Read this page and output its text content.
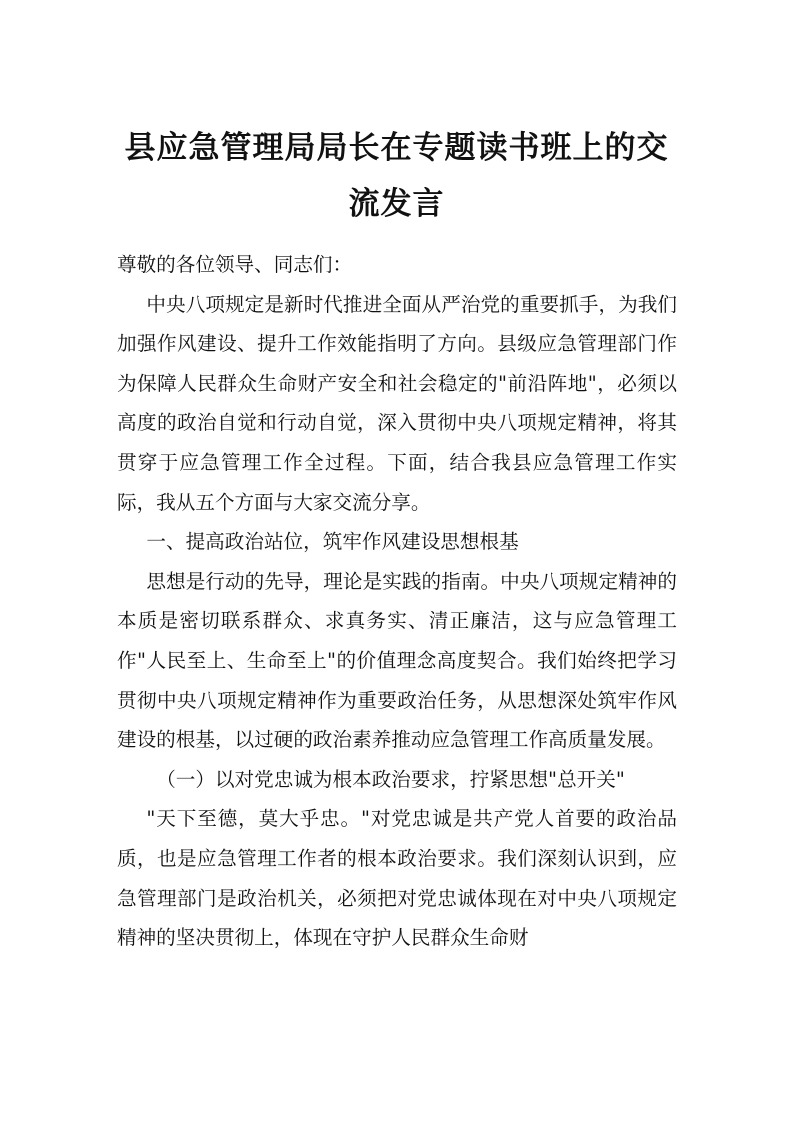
县应急管理局局长在专题读书班上的交流发言

尊敬的各位领导、同志们：

中央八项规定是新时代推进全面从严治党的重要抓手，为我们加强作风建设、提升工作效能指明了方向。县级应急管理部门作为保障人民群众生命财产安全和社会稳定的"前沿阵地"，必须以高度的政治自觉和行动自觉，深入贯彻中央八项规定精神，将其贯穿于应急管理工作全过程。下面，结合我县应急管理工作实际，我从五个方面与大家交流分享。

一、提高政治站位，筑牢作风建设思想根基

思想是行动的先导，理论是实践的指南。中央八项规定精神的本质是密切联系群众、求真务实、清正廉洁，这与应急管理工作"人民至上、生命至上"的价值理念高度契合。我们始终把学习贯彻中央八项规定精神作为重要政治任务，从思想深处筑牢作风建设的根基，以过硬的政治素养推动应急管理工作高质量发展。

（一）以对党忠诚为根本政治要求，拧紧思想"总开关"

"天下至德，莫大乎忠。"对党忠诚是共产党人首要的政治品质，也是应急管理工作者的根本政治要求。我们深刻认识到，应急管理部门是政治机关，必须把对党忠诚体现在对中央八项规定精神的坚决贯彻上，体现在守护人民群众生命财
